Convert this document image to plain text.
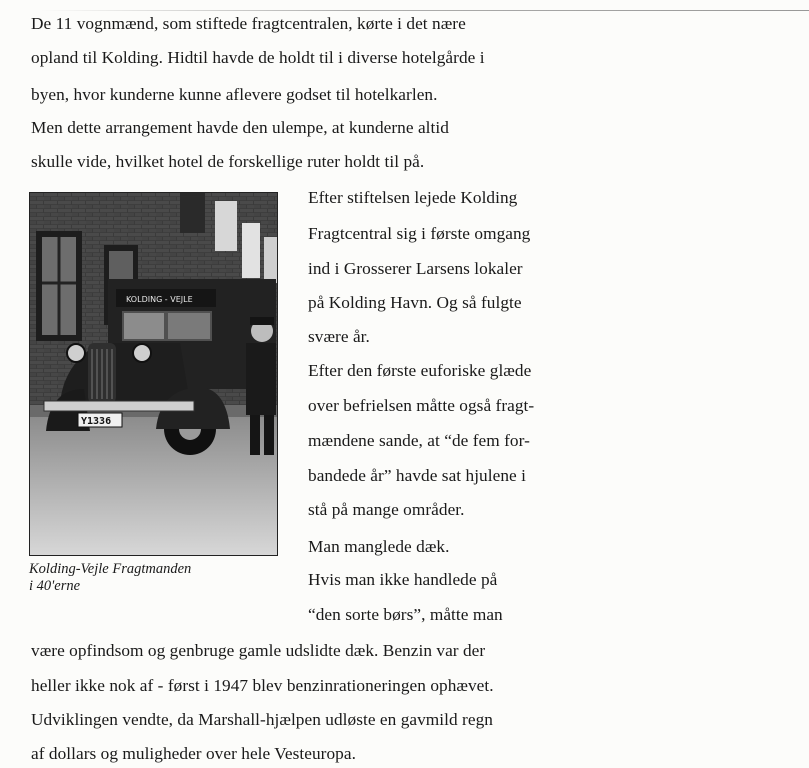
De 11 vognmænd, som stiftede fragtcentralen, kørte i det nære
opland til Kolding. Hidtil havde de holdt til i diverse hotelgårde i
byen, hvor kunderne kunne aflevere godset til hotelkarlen.
Men dette arrangement havde den ulempe, at kunderne altid
skulle vide, hvilket hotel de forskellige ruter holdt til på.
KOLDING - VEJLE
Y1336
Kolding-Vejle Fragtmanden
i 40'erne
Efter stiftelsen lejede Kolding
Fragtcentral sig i første omgang
ind i Grosserer Larsens lokaler
på Kolding Havn. Og så fulgte
svære år.
Efter den første euforiske glæde
over befrielsen måtte også fragt-
mændene sande, at “de fem for-
bandede år” havde sat hjulene i
stå på mange områder.
Man manglede dæk.
Hvis man ikke handlede på
“den sorte børs”, måtte man
være opfindsom og genbruge gamle udslidte dæk. Benzin var der
heller ikke nok af - først i 1947 blev benzinrationeringen ophævet.
Udviklingen vendte, da Marshall-hjælpen udløste en gavmild regn
af dollars og muligheder over hele Vesteuropa.
